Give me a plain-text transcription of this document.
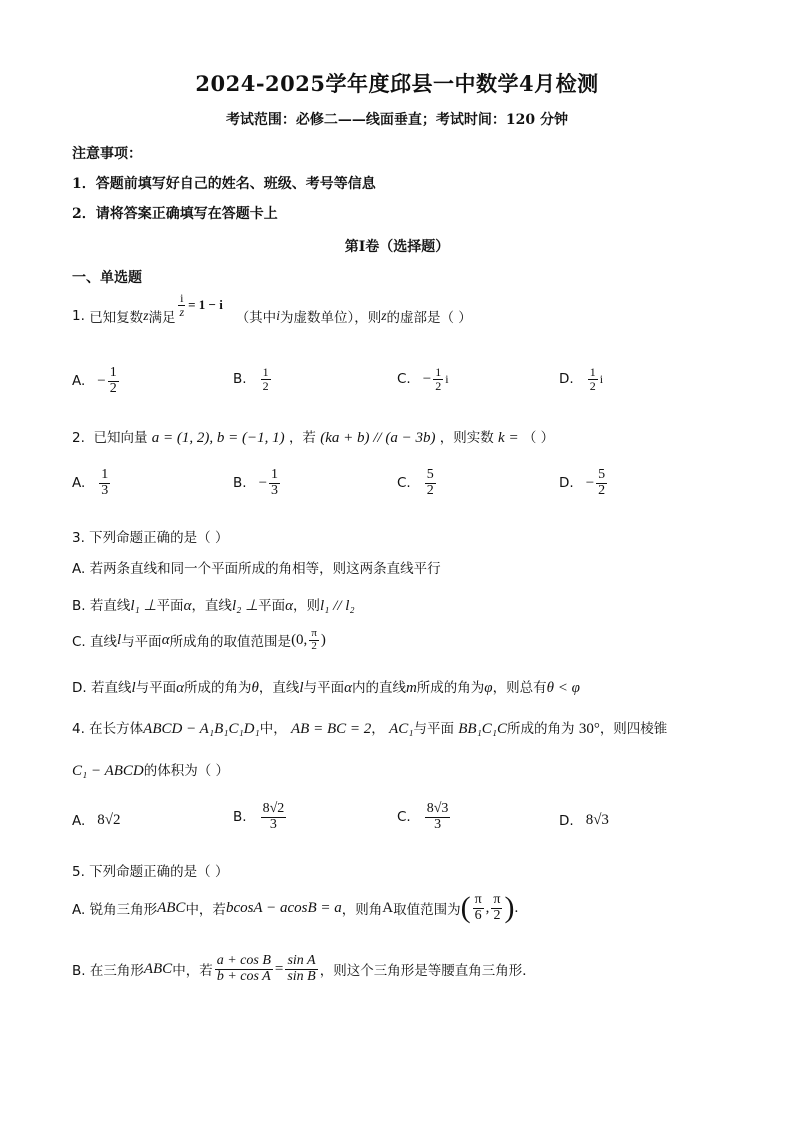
2024-2025学年度邱县一中数学4月检测
考试范围：必修二——线面垂直；考试时间：120 分钟
注意事项：
1．答题前填写好自己的姓名、班级、考号等信息
2．请将答案正确填写在答题卡上
第I卷（选择题）
一、单选题
1.
已知复数 z 满足 $\frac{i}{z} = 1 - i$

（其中 i 为虚数单位），则 z 的虚部是（ ）
A. − $\frac{1}{2}$	B. $\frac{1}{2}$	C. − $\frac{1}{2}$ i	D. $\frac{1}{2}$ i
2. 已知向量 a = (1, 2), b = (−1, 1) ，若 (ka + b) // (a − 3b) ，则实数 k = （ ）
A. $\frac{1}{3}$	B. − $\frac{1}{3}$	C. $\frac{5}{2}$	D. − $\frac{5}{2}$
3. 下列命题正确的是（ ）
A. 若两条直线和同一个平面所成的角相等，则这两条直线平行
B. 若直线l₁ ⊥平面α，直线l₂ ⊥平面α，则l₁ // l₂
C. 直线 l 与平面 α 所成角的取值范围是 (0, $\frac{\pi}{2}$ )
D. 若直线l与平面α所成的角为θ，直线l与平面α内的直线m所成的角为φ，则总有θ < φ
4. 在长方体ABCD − A₁B₁C₁D₁中， AB = BC = 2， AC₁与平面 BB₁C₁C所成的角为 30°，则四棱锥
C₁ − ABCD的体积为（ ）
A. 8√2	B. $\frac{8√2}{3}$	C. $\frac{8√3}{3}$	D. 8√3
5. 下列命题正确的是（ ）
A. 锐角三角形 ABC 中，若 bcosA − acosB = a ，则角 A 取值范围为 ( $\frac{\pi}{6}$ , $\frac{\pi}{2}$ ) .
B. 在三角形 ABC 中，若 $\frac{\text{a + cos B}}{\text{b + cos A}} = \frac{\text{sin A}}{\text{sin B}}$ ，则这个三角形是等腰直角三角形．
